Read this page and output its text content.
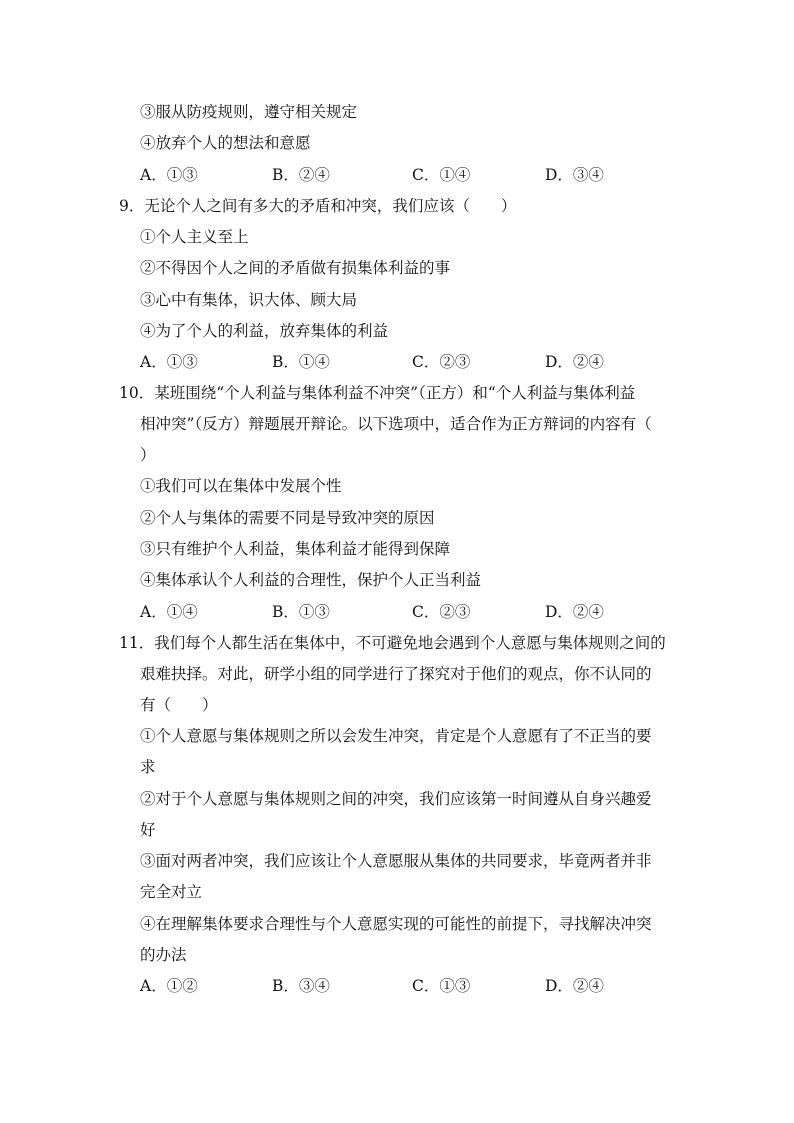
③服从防疫规则，遵守相关规定
④放弃个人的想法和意愿
A．①③	B．②④	C．①④	D．③④
9．无论个人之间有多大的矛盾和冲突，我们应该（　　）
①个人主义至上
②不得因个人之间的矛盾做有损集体利益的事
③心中有集体，识大体、顾大局
④为了个人的利益，放弃集体的利益
A．①③	B．①④	C．②③	D．②④
10．某班围绕“个人利益与集体利益不冲突”（正方）和“个人利益与集体利益
相冲突”（反方）辩题展开辩论。以下选项中，适合作为正方辩词的内容有（
）
①我们可以在集体中发展个性
②个人与集体的需要不同是导致冲突的原因
③只有维护个人利益，集体利益才能得到保障
④集体承认个人利益的合理性，保护个人正当利益
A．①④	B．①③	C．②③	D．②④
11．我们每个人都生活在集体中，不可避免地会遇到个人意愿与集体规则之间的
艰难抉择。对此，研学小组的同学进行了探究对于他们的观点，你不认同的
有（　　）
①个人意愿与集体规则之所以会发生冲突，肯定是个人意愿有了不正当的要
求
②对于个人意愿与集体规则之间的冲突，我们应该第一时间遵从自身兴趣爱
好
③面对两者冲突，我们应该让个人意愿服从集体的共同要求，毕竟两者并非
完全对立
④在理解集体要求合理性与个人意愿实现的可能性的前提下，寻找解决冲突
的办法
A．①②	B．③④	C．①③	D．②④
